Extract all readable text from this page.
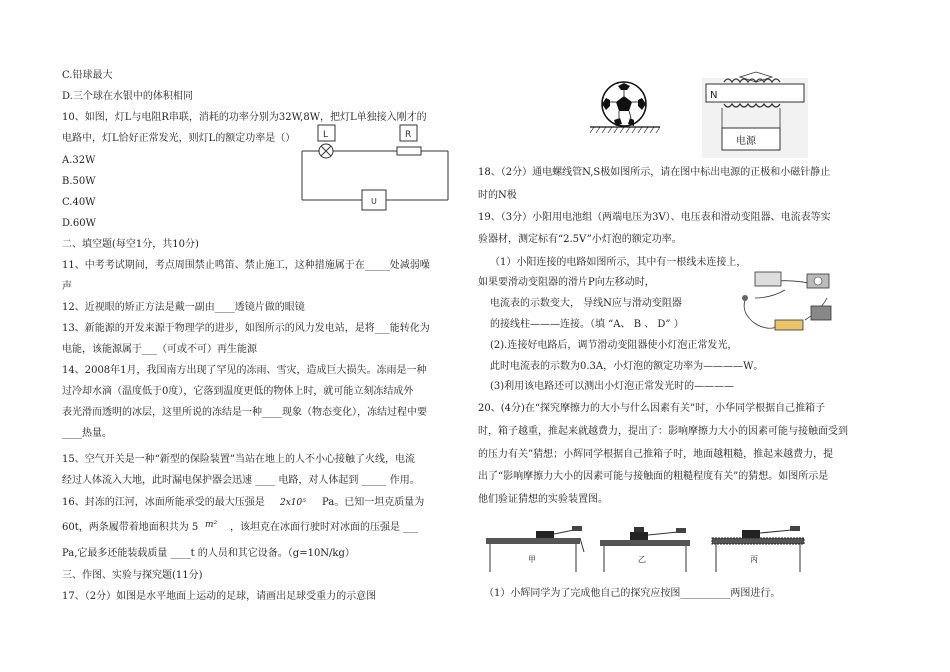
C.铅球最大
D.三个球在水银中的体积相同
10、如图，灯L与电阻R串联，消耗的功率分别为32W,8W，把灯L单独接入刚才的
电路中，灯L恰好正常发光，则灯L的额定功率是（）
A.32W
B.50W
C.40W
D.60W
二、填空题(每空1分，共10分)
11、中考考试期间，考点周围禁止鸣笛、禁止施工，这种措施属于在_____处减弱噪
声
12、近视眼的矫正方法是戴一副由____透镜片做的眼镜
13、新能源的开发来源于物理学的进步，如图所示的风力发电站，是将___能转化为
电能，该能源属于___（可或不可）再生能源
14、2008年1月，我国南方出现了罕见的冻雨、雪灾，造成巨大损失。冻雨是一种
过冷却水滴（温度低于0度），它落到温度更低的物体上时，就可能立刻冻结成外
表光滑而透明的冰层，这里所说的冻结是一种____现象（物态变化），冻结过程中要
____热量。
15、空气开关是一种“新型的保险装置”当站在地上的人不小心接触了火线，电流
经过人体流入大地，此时漏电保护器会迅速 ____ 电路，对人体起到 _____ 作用。
16、封冻的江河，冰面所能承受的最大压强是 2x10⁵ Pa。已知一坦克质量为
60t，两条履带着地面积共为 5 m² ，该坦克在冰面行驶时对冰面的压强是 ___
Pa,它最多还能装载质量 ____t 的人员和其它设备。（g=10N/kg）
三、作图、实验与探究题(11分)
17、（2分）如图是水平地面上运动的足球，请画出足球受重力的示意图
L	R
U
N
电源
18、（2分）通电螺线管N,S极如图所示，请在图中标出电源的正极和小磁针静止
时的N极
19、（3分）小阳用电池组（两端电压为3V）、电压表和滑动变阻器、电流表等实
验器材，测定标有“2.5V”小灯泡的额定功率。
（1）小阳连接的电路如图所示，其中有一根线未连接上，
如果要滑动变阻器的滑片P向左移动时，
电流表的示数变大， 导线N应与滑动变阻器
的接线柱———连接。（填 “A、 B 、 D” ）
(2).连接好电路后，调节滑动变阻器使小灯泡正常发光，
此时电流表的示数为0.3A，小灯泡的额定功率为————W。
(3)利用该电路还可以测出小灯泡正常发光时的————
20、(4分)在“探究摩擦力的大小与什么因素有关”时，小华同学根据自己推箱子
时，箱子越重，推起来就越费力，提出了：影响摩擦力大小的因素可能与接触面受到
的压力有关”猜想；小辉同学根据自己推箱子时，地面越粗糙，推起来越费力，提
出了“影响摩擦力大小的因素可能与接触面的粗糙程度有关”的猜想。如图所示是
他们验证猜想的实验装置图。
（1）小辉同学为了完成他自己的探究应按图__________两图进行。
甲	乙	丙
